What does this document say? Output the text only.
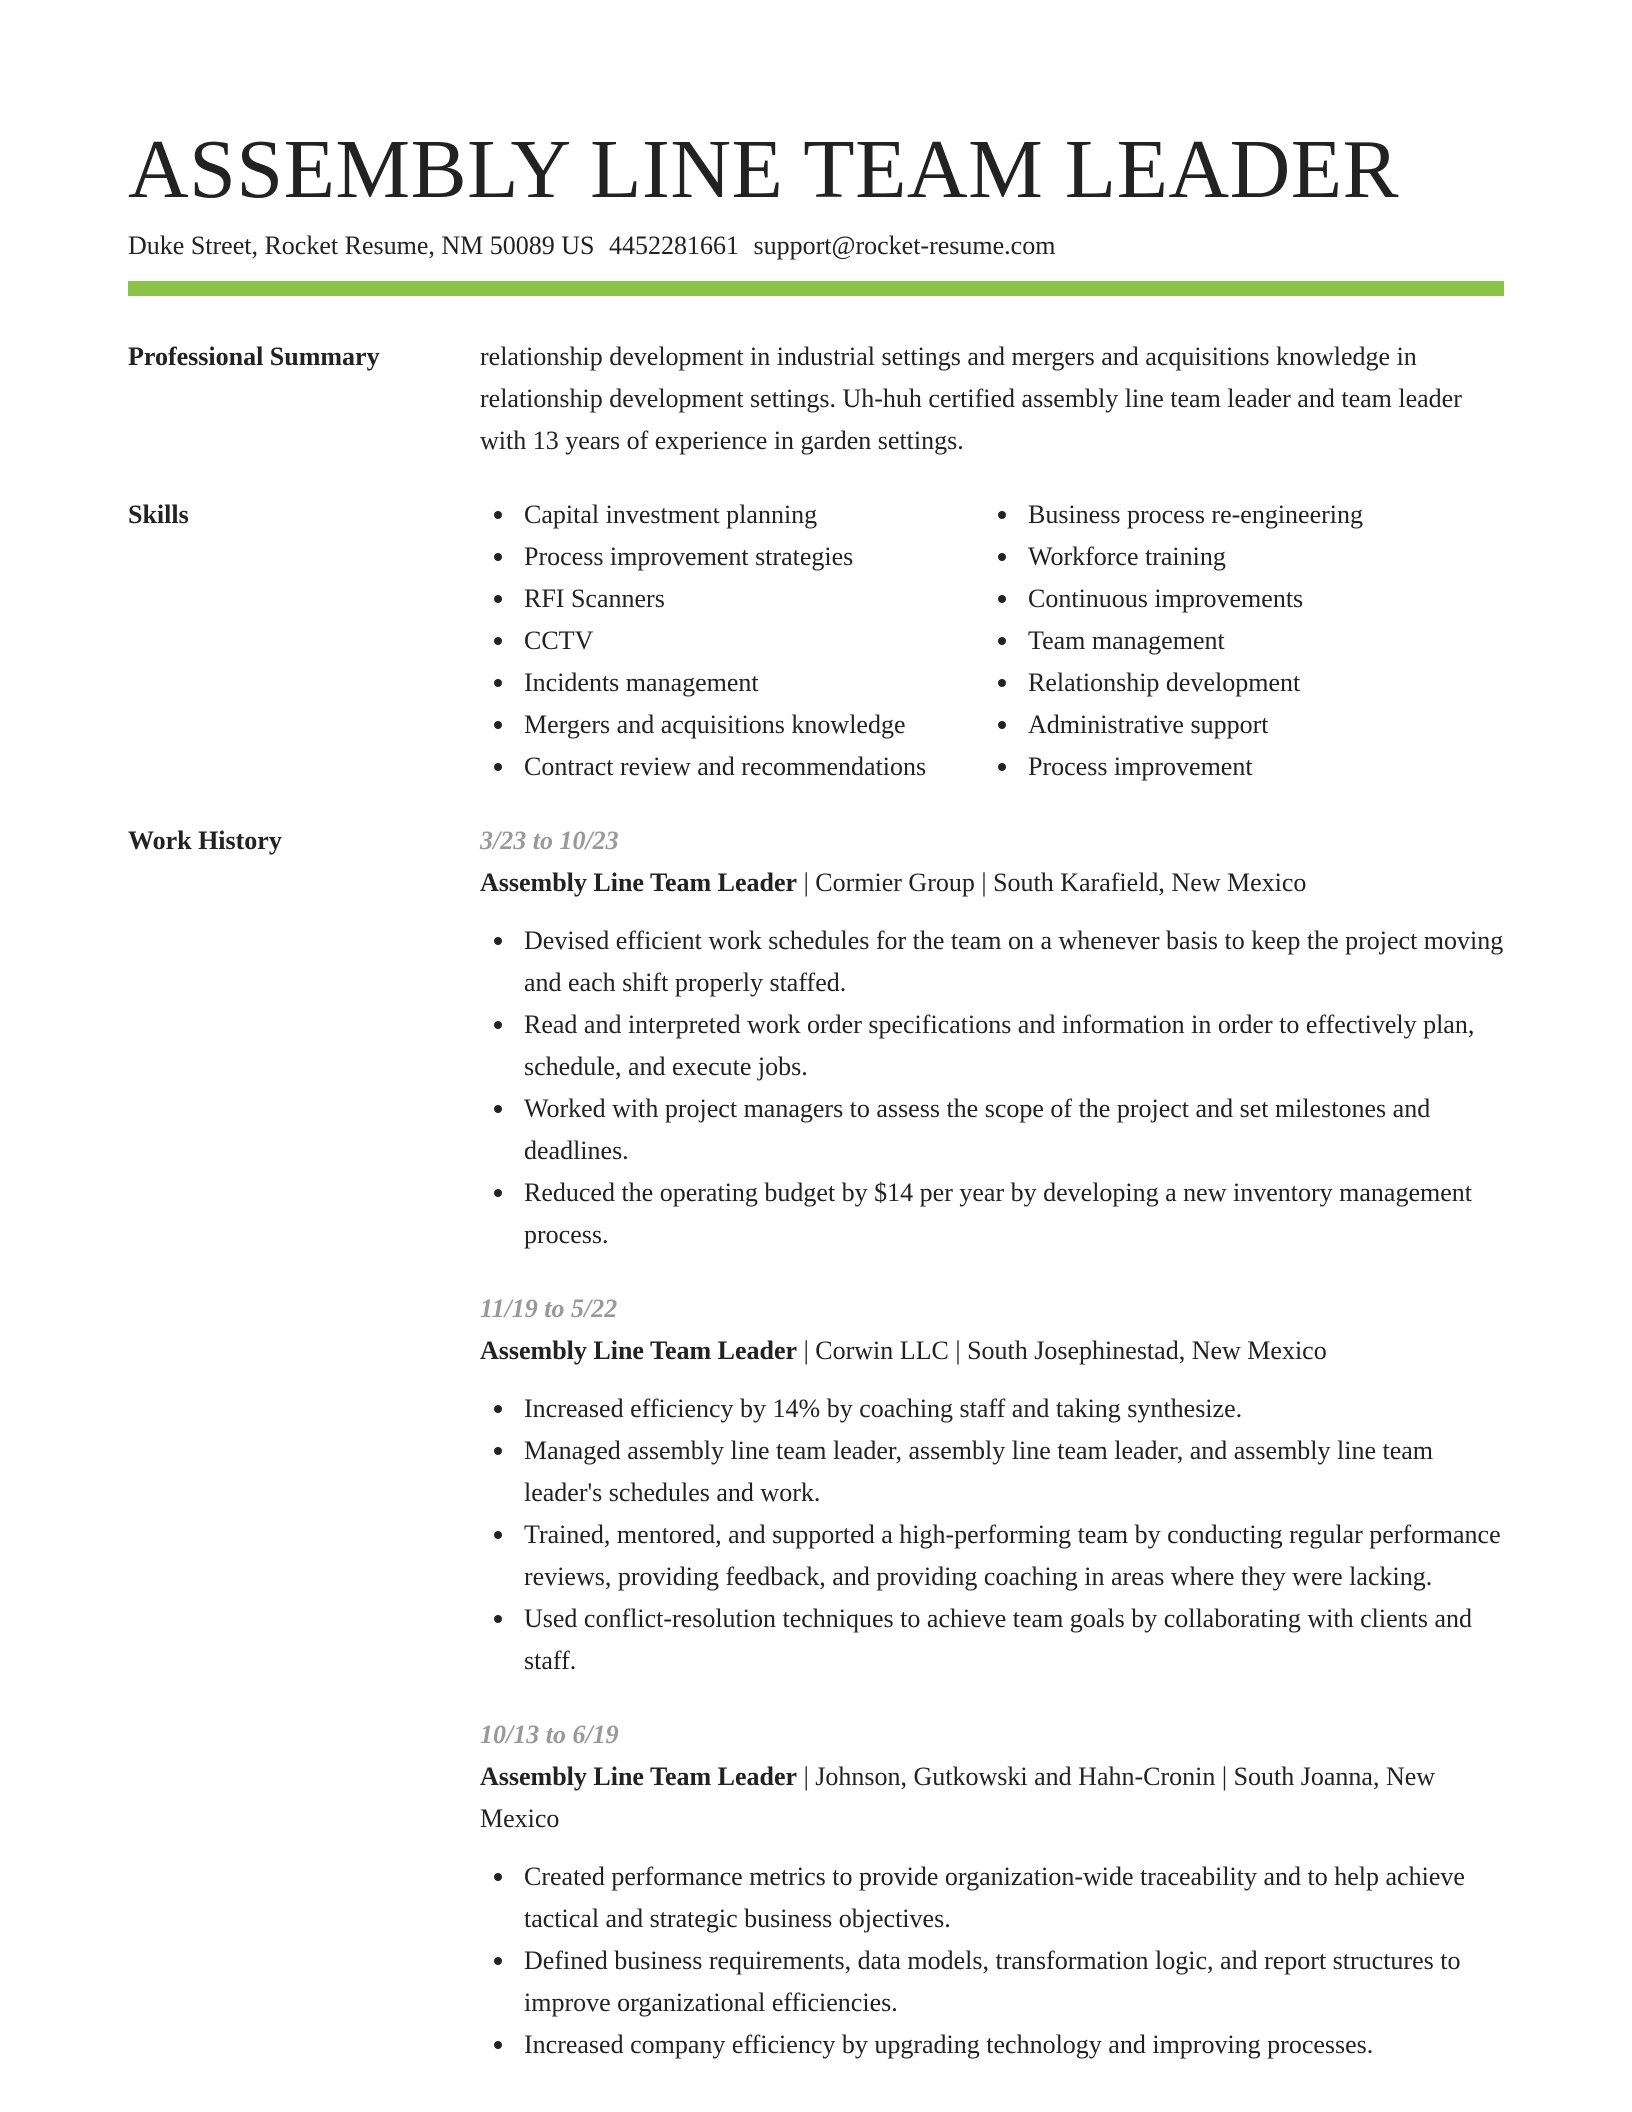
ASSEMBLY LINE TEAM LEADER
Duke Street, Rocket Resume, NM 50089 US 4452281661 support@rocket-resume.com
Professional Summary	relationship development in industrial settings and mergers and acquisitions knowledge in relationship development settings. Uh-huh certified assembly line team leader and team leader with 13 years of experience in garden settings.
Skills	Capital investment planning
Process improvement strategies
RFI Scanners
CCTV
Incidents management
Mergers and acquisitions knowledge
Contract review and recommendations
Business process re-engineering
Workforce training
Continuous improvements
Team management
Relationship development
Administrative support
Process improvement
Work History	3/23 to 10/23
Assembly Line Team Leader | Cormier Group | South Karafield, New Mexico
Devised efficient work schedules for the team on a whenever basis to keep the project moving and each shift properly staffed.
Read and interpreted work order specifications and information in order to effectively plan, schedule, and execute jobs.
Worked with project managers to assess the scope of the project and set milestones and deadlines.
Reduced the operating budget by $14 per year by developing a new inventory management process.
11/19 to 5/22
Assembly Line Team Leader | Corwin LLC | South Josephinestad, New Mexico
Increased efficiency by 14% by coaching staff and taking synthesize.
Managed assembly line team leader, assembly line team leader, and assembly line team leader's schedules and work.
Trained, mentored, and supported a high-performing team by conducting regular performance reviews, providing feedback, and providing coaching in areas where they were lacking.
Used conflict-resolution techniques to achieve team goals by collaborating with clients and staff.
10/13 to 6/19
Assembly Line Team Leader | Johnson, Gutkowski and Hahn-Cronin | South Joanna, New Mexico
Created performance metrics to provide organization-wide traceability and to help achieve tactical and strategic business objectives.
Defined business requirements, data models, transformation logic, and report structures to improve organizational efficiencies.
Increased company efficiency by upgrading technology and improving processes.
